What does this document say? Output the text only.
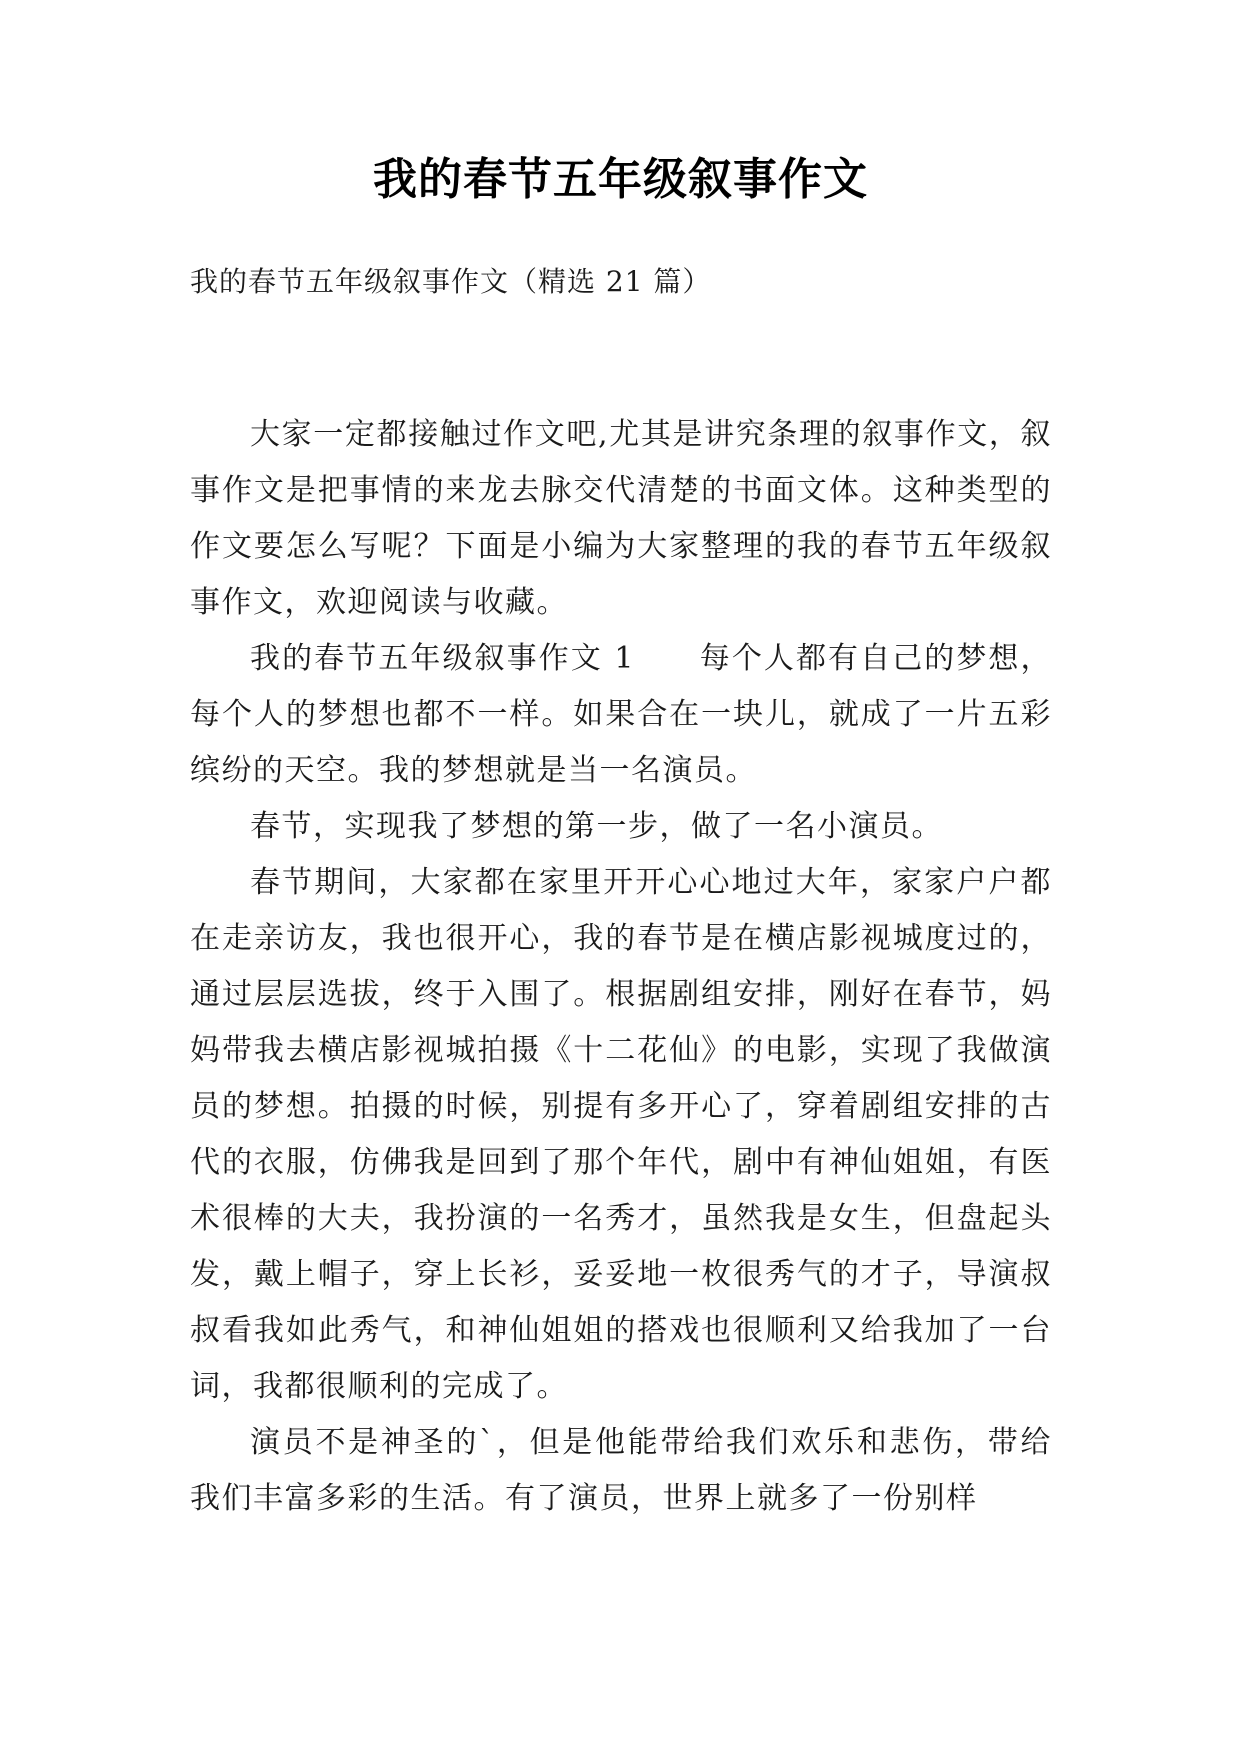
我的春节五年级叙事作文

我的春节五年级叙事作文（精选 21 篇）

大家一定都接触过作文吧,尤其是讲究条理的叙事作文，叙事作文是把事情的来龙去脉交代清楚的书面文体。这种类型的作文要怎么写呢？下面是小编为大家整理的我的春节五年级叙事作文，欢迎阅读与收藏。

我的春节五年级叙事作文 1　　每个人都有自己的梦想，每个人的梦想也都不一样。如果合在一块儿，就成了一片五彩缤纷的天空。我的梦想就是当一名演员。

春节，实现我了梦想的第一步，做了一名小演员。

春节期间，大家都在家里开开心心地过大年，家家户户都在走亲访友，我也很开心，我的春节是在横店影视城度过的，通过层层选拔，终于入围了。根据剧组安排，刚好在春节，妈妈带我去横店影视城拍摄《十二花仙》的电影，实现了我做演员的梦想。拍摄的时候，别提有多开心了，穿着剧组安排的古代的衣服，仿佛我是回到了那个年代，剧中有神仙姐姐，有医术很棒的大夫，我扮演的一名秀才，虽然我是女生，但盘起头发，戴上帽子，穿上长衫，妥妥地一枚很秀气的才子，导演叔叔看我如此秀气，和神仙姐姐的搭戏也很顺利又给我加了一台词，我都很顺利的完成了。

演员不是神圣的`，但是他能带给我们欢乐和悲伤，带给我们丰富多彩的生活。有了演员，世界上就多了一份别样
